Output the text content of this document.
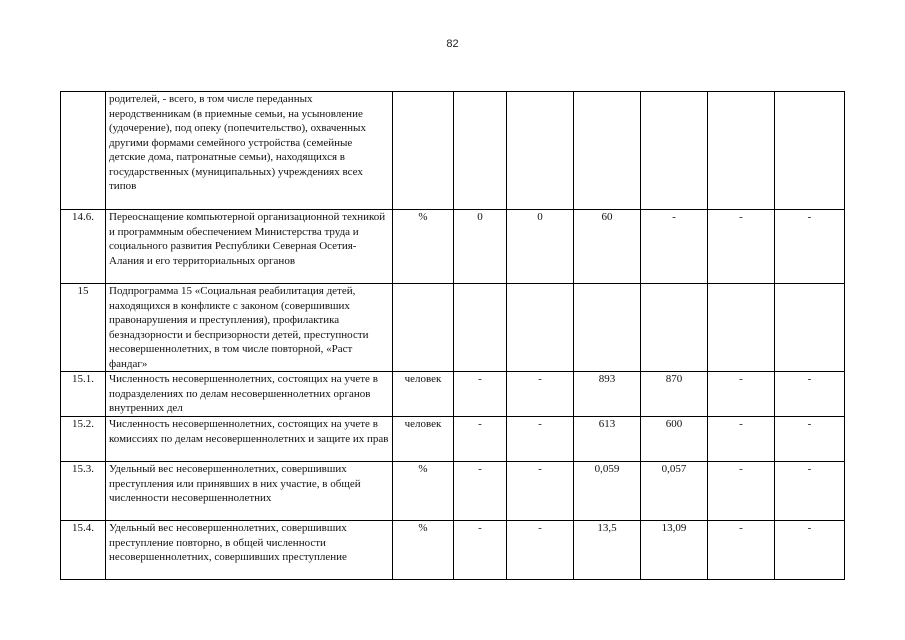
82
	родителей, - всего, в том числе переданных неродственникам (в приемные семьи, на усыновление (удочерение), под опеку (попечительство), охваченных другими формами семейного устройства (семейные детские дома, патронатные семьи), находящихся в государственных (муниципальных) учреждениях всех типов							
14.6.	Переоснащение компьютерной организационной техникой и программным обеспечением Министерства труда и социального развития Республики Северная Осетия-Алания и его территориальных органов	%	0	0	60	-	-	-
15	Подпрограмма 15 «Социальная реабилитация детей, находящихся в конфликте с законом (совершивших правонарушения и преступления), профилактика безнадзорности и беспризорности детей, преступности несовершеннолетних, в том числе повторной, «Раст фандаг»							
15.1.	Численность несовершеннолетних, состоящих на учете в подразделениях по делам несовершеннолетних органов внутренних дел	человек	-	-	893	870	-	-
15.2.	Численность несовершеннолетних, состоящих на учете в комиссиях по делам несовершеннолетних и защите их прав	человек	-	-	613	600	-	-
15.3.	Удельный вес несовершеннолетних, совершивших преступления или принявших в них участие, в общей численности несовершеннолетних	%	-	-	0,059	0,057	-	-
15.4.	Удельный вес несовершеннолетних, совершивших преступление повторно, в общей численности несовершеннолетних, совершивших преступление	%	-	-	13,5	13,09	-	-
